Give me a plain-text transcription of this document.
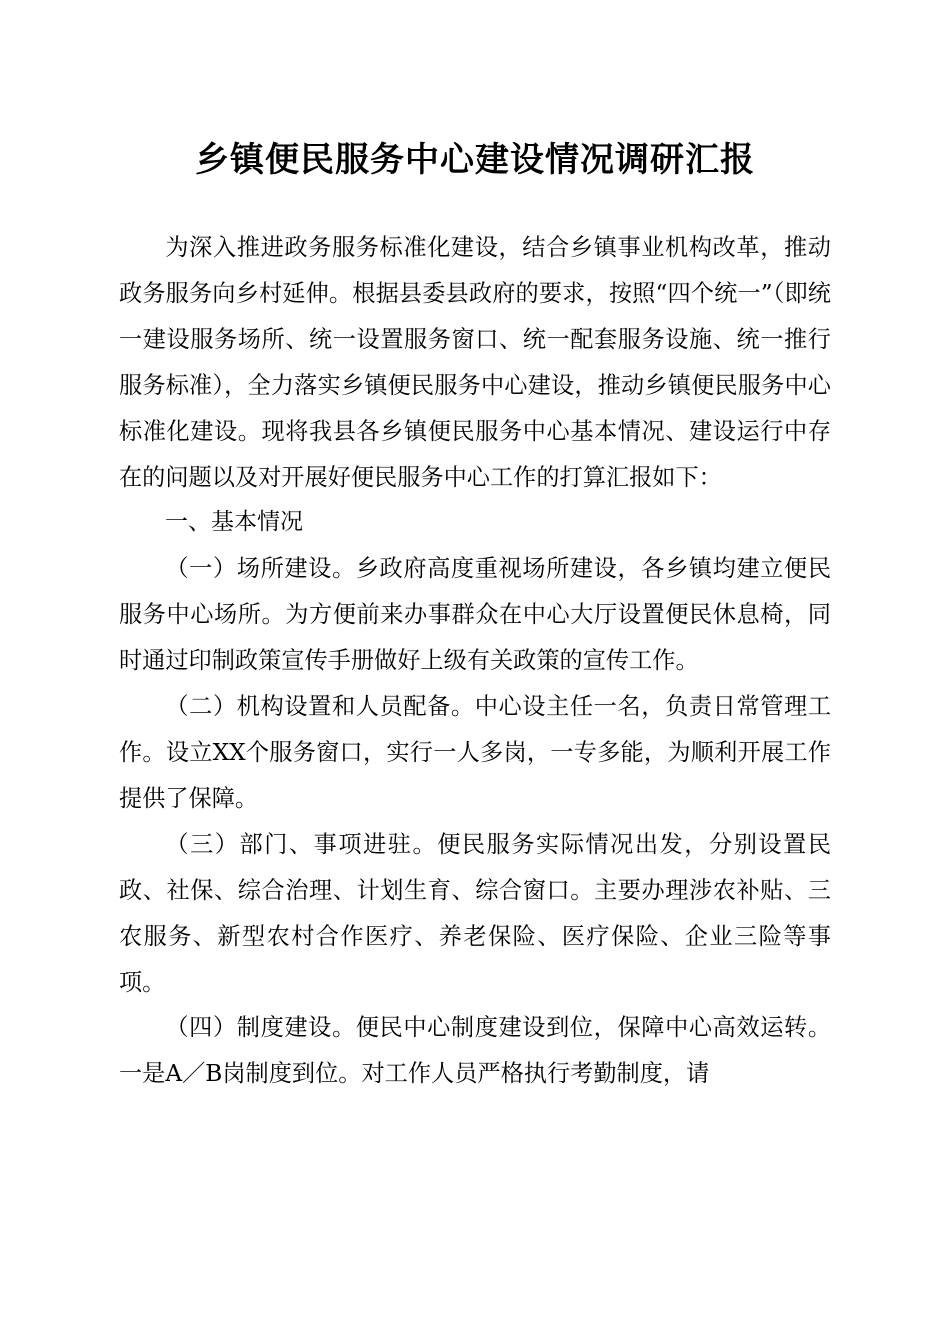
乡镇便民服务中心建设情况调研汇报

为深入推进政务服务标准化建设，结合乡镇事业机构改革，推动政务服务向乡村延伸。根据县委县政府的要求，按照“四个统一”（即统一建设服务场所、统一设置服务窗口、统一配套服务设施、统一推行服务标准），全力落实乡镇便民服务中心建设，推动乡镇便民服务中心标准化建设。现将我县各乡镇便民服务中心基本情况、建设运行中存在的问题以及对开展好便民服务中心工作的打算汇报如下：

一、基本情况

（一）场所建设。乡政府高度重视场所建设，各乡镇均建立便民服务中心场所。为方便前来办事群众在中心大厅设置便民休息椅，同时通过印制政策宣传手册做好上级有关政策的宣传工作。

（二）机构设置和人员配备。中心设主任一名，负责日常管理工作。设立XX个服务窗口，实行一人多岗，一专多能，为顺利开展工作提供了保障。

（三）部门、事项进驻。便民服务实际情况出发，分别设置民政、社保、综合治理、计划生育、综合窗口。主要办理涉农补贴、三农服务、新型农村合作医疗、养老保险、医疗保险、企业三险等事项。

（四）制度建设。便民中心制度建设到位，保障中心高效运转。一是A／B岗制度到位。对工作人员严格执行考勤制度，请
